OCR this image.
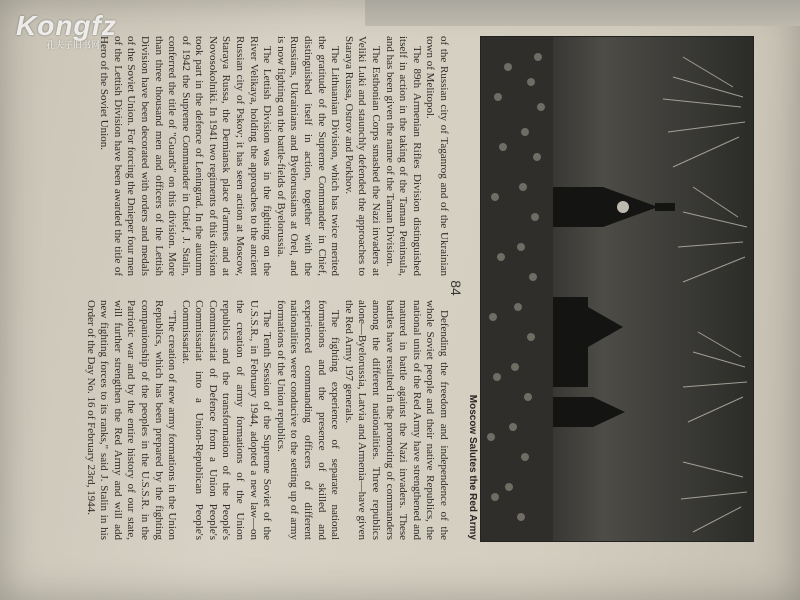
Moscow Salutes the Red Army
84

of the Russian city of Taganrog and of the Ukrainian town of Melitopol.

The 89th Armenian Rifles Division distinguished itself in action in the taking of the Taman Peninsula, and has been given the name of the Taman Division.

The Esthonian Corps smashed the Nazi invaders at Veliki Luki and staunchly defended the approaches to Staraya Russa, Ostrov and Porkhov.

The Lithuanian Division, which has twice merited the gratitude of the Supreme Commander in Chief, distinguished itself in action, together with the Russians, Ukrainians and Byelorussians at Orel, and is now fighting on the battle-fields of Byelorussia.

The Lettish Division was in the fighting on the River Velikaya, holding the approaches to the ancient Russian city of Pskov; it has seen action at Moscow, Staraya Russa, the Demiansk place d'armes and at Novosokolniki. In 1941 two regiments of this division took part in the defence of Leningrad. In the autumn of 1942 the Supreme Commander in Chief, J. Stalin, conferred the title of "Guards" on this division. More than three thousand men and officers of the Lettish Division have been decorated with orders and medals of the Soviet Union. For forcing the Dnieper four men of the Lettish Division have been awarded the title of Hero of the Soviet Union.

Defending the freedom and independence of the whole Soviet people and their native Republics, the national units of the Red Army have strengthened and matured in battle against the Nazi invaders. These battles have resulted in the promoting of commanders among the different nationalities. Three republics alone—Byelorussia, Latvia and Armenia—have given the Red Army 197 generals.

The fighting experience of separate national formations and the presence of skilled and experienced commanding officers of different nationalities were conducive to the setting up of army formations of the Union republics.

The Tenth Session of the Supreme Soviet of the U.S.S.R., in February 1944, adopted a new law—on the creation of army formations of the Union republics and the transformation of the People's Commissariat of Defence from a Union People's Commissariat into a Union-Republican People's Commissariat.

"The creation of new army formations in the Union Republics, which has been prepared by the fighting companionship of the peoples in the U.S.S.R. in the Patriotic war and by the entire history of our state, will further strengthen the Red Army and will add new fighting forces to its ranks," said J. Stalin in his Order of the Day No. 16 of February 23rd, 1944.

Kongfz
孔夫子旧书网
